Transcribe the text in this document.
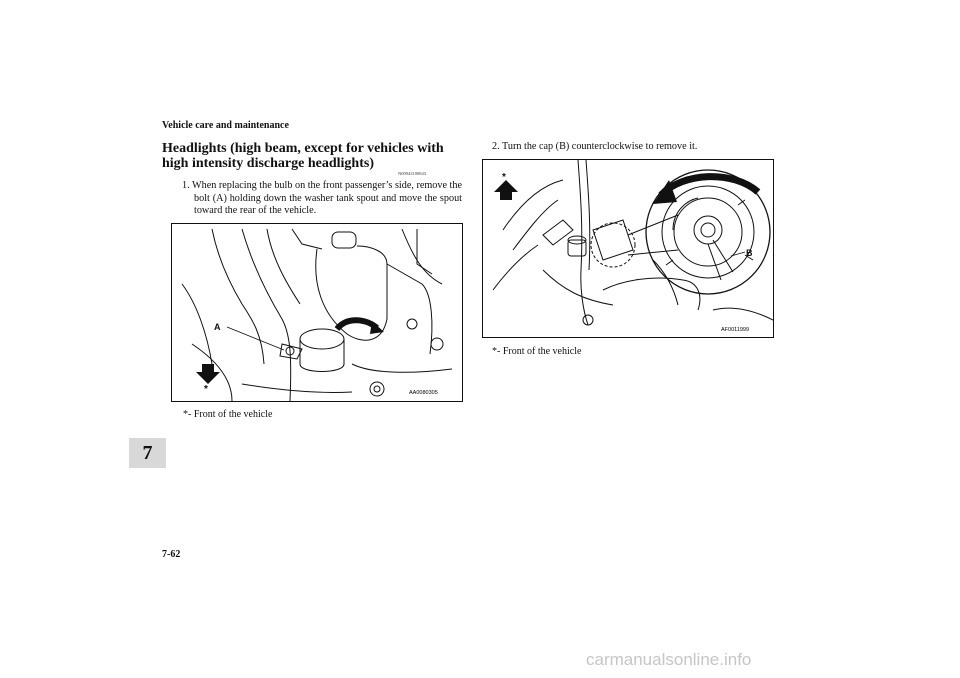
Vehicle care and maintenance
Headlights (high beam, except for vehicles with high intensity discharge headlights)
N00943100843
1. When replacing the bulb on the front passenger’s side, remove the bolt (A) holding down the washer tank spout and move the spout toward the rear of the vehicle.
A
*	AA0080305
*- Front of the vehicle
2. Turn the cap (B) counterclockwise to remove it.
B
*
AF0011999
*- Front of the vehicle
7
7-62
carmanualsonline.info
